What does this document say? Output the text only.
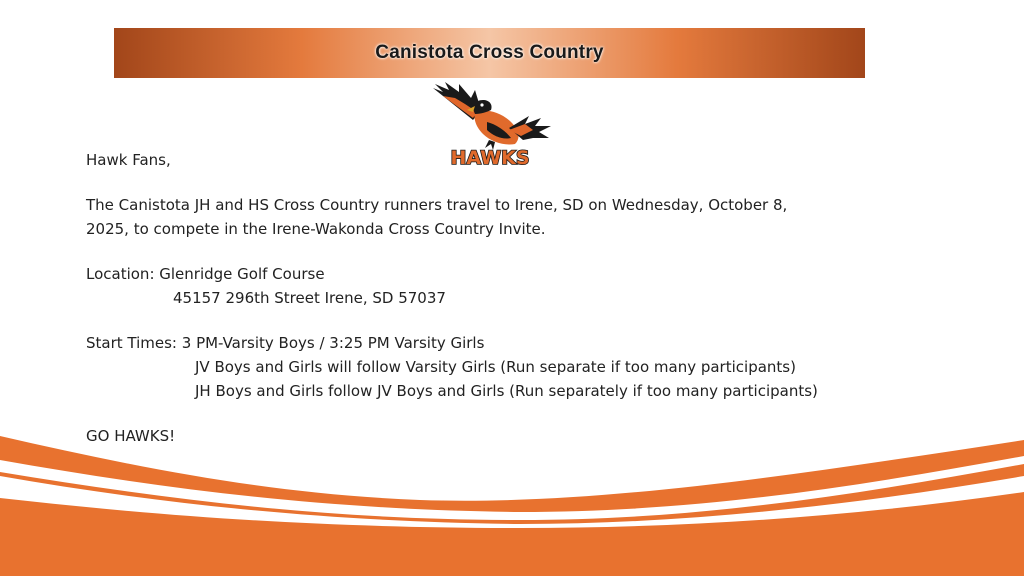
Canistota Cross Country
HAWKS

Hawk Fans,

The Canistota JH and HS Cross Country runners travel to Irene, SD on Wednesday, October 8,

2025, to compete in the Irene-Wakonda Cross Country Invite.

Location: Glenridge Golf Course

45157 296th Street Irene, SD 57037

Start Times: 3 PM-Varsity Boys / 3:25 PM Varsity Girls

JV Boys and Girls will follow Varsity Girls (Run separate if too many participants)

JH Boys and Girls follow JV Boys and Girls (Run separately if too many participants)

GO HAWKS!
